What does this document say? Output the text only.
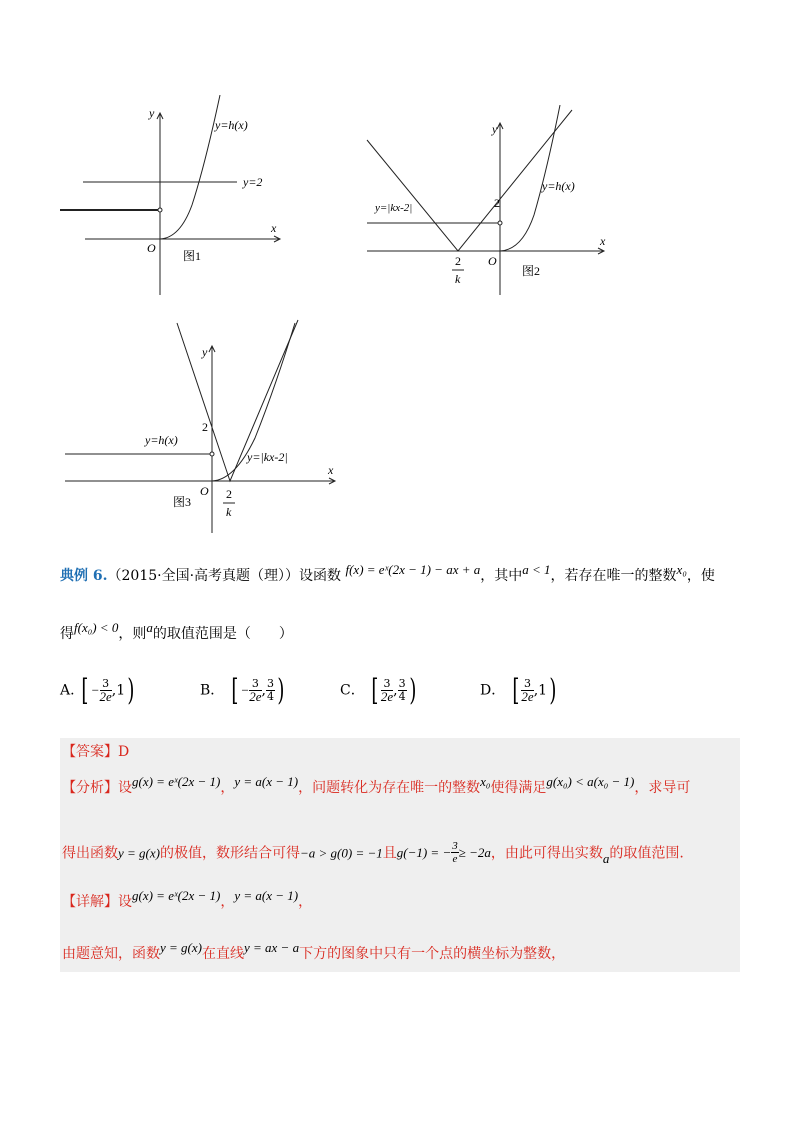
y
x
O
y=h(x)
y=2
图1
y
x
O
2
y=h(x)
y=|kx-2|
2
k
图2
y
x
O
2
y=h(x)
y=|kx-2|
2
k
图3
典例 6.（2015·全国·高考真题（理））设函数 f(x) = eˣ(2x − 1) − ax + a，其中a < 1，若存在唯一的整数x₀，使
得f(x₀) < 0，则a的取值范围是（　　）
A. [ − $\frac{3}{2e} ,1$)	B． [ − $\frac{3}{2e}$ , $\frac{3}{4}$ )	C． [ $\frac{3}{2e}$ , $\frac{3}{4}$ )	D． [ $\frac{3}{2e} ,1$)
【答案】D
【分析】设g(x) = eˣ(2x − 1)，y = a(x − 1)，问题转化为存在唯一的整数x₀使得满足g(x₀) < a(x₀ − 1)，求导可
得出函数y = g(x)的极值，数形结合可得−a > g(0) = −1且g(−1) = − $\frac{3}{e} \ge -2a$，由此可得出实数a的取值范围.
【详解】设g(x) = eˣ(2x − 1)，y = a(x − 1)，
由题意知，函数y = g(x)在直线y = ax − a下方的图象中只有一个点的横坐标为整数，
